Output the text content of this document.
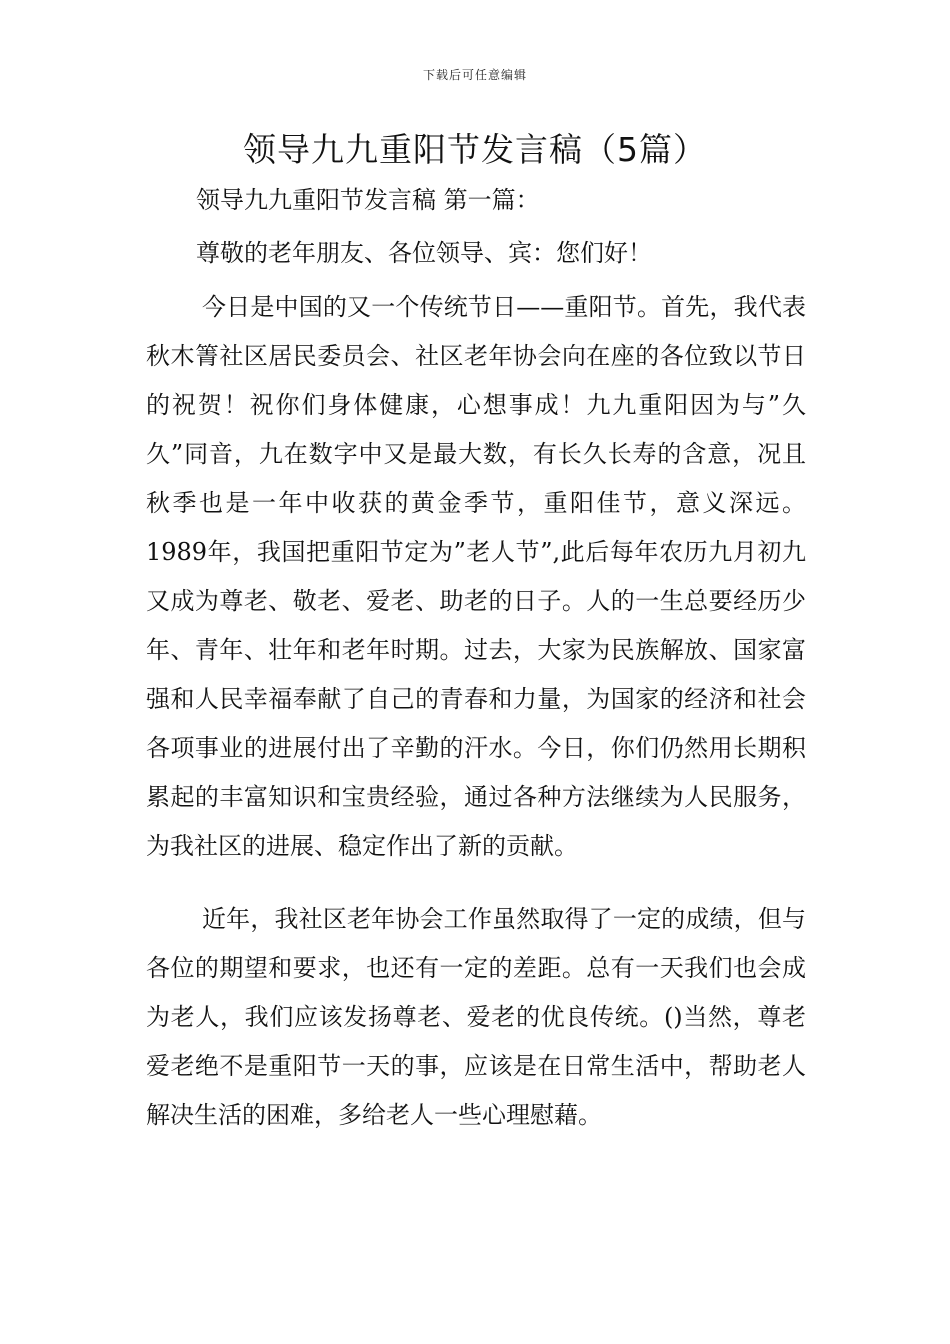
下载后可任意编辑
领导九九重阳节发言稿（5篇）

领导九九重阳节发言稿 第一篇：

尊敬的老年朋友、各位领导、宾：您们好！

今日是中国的又一个传统节日——重阳节。首先，我代表秋木箐社区居民委员会、社区老年协会向在座的各位致以节日的祝贺！祝你们身体健康，心想事成！九九重阳因为与”久久”同音，九在数字中又是最大数，有长久长寿的含意，况且秋季也是一年中收获的黄金季节，重阳佳节，意义深远。1989年，我国把重阳节定为”老人节”,此后每年农历九月初九又成为尊老、敬老、爱老、助老的日子。人的一生总要经历少年、青年、壮年和老年时期。过去，大家为民族解放、国家富强和人民幸福奉献了自己的青春和力量，为国家的经济和社会各项事业的进展付出了辛勤的汗水。今日，你们仍然用长期积累起的丰富知识和宝贵经验，通过各种方法继续为人民服务，为我社区的进展、稳定作出了新的贡献。

近年，我社区老年协会工作虽然取得了一定的成绩，但与各位的期望和要求，也还有一定的差距。总有一天我们也会成为老人，我们应该发扬尊老、爱老的优良传统。()当然，尊老爱老绝不是重阳节一天的事，应该是在日常生活中，帮助老人解决生活的困难，多给老人一些心理慰藉。
